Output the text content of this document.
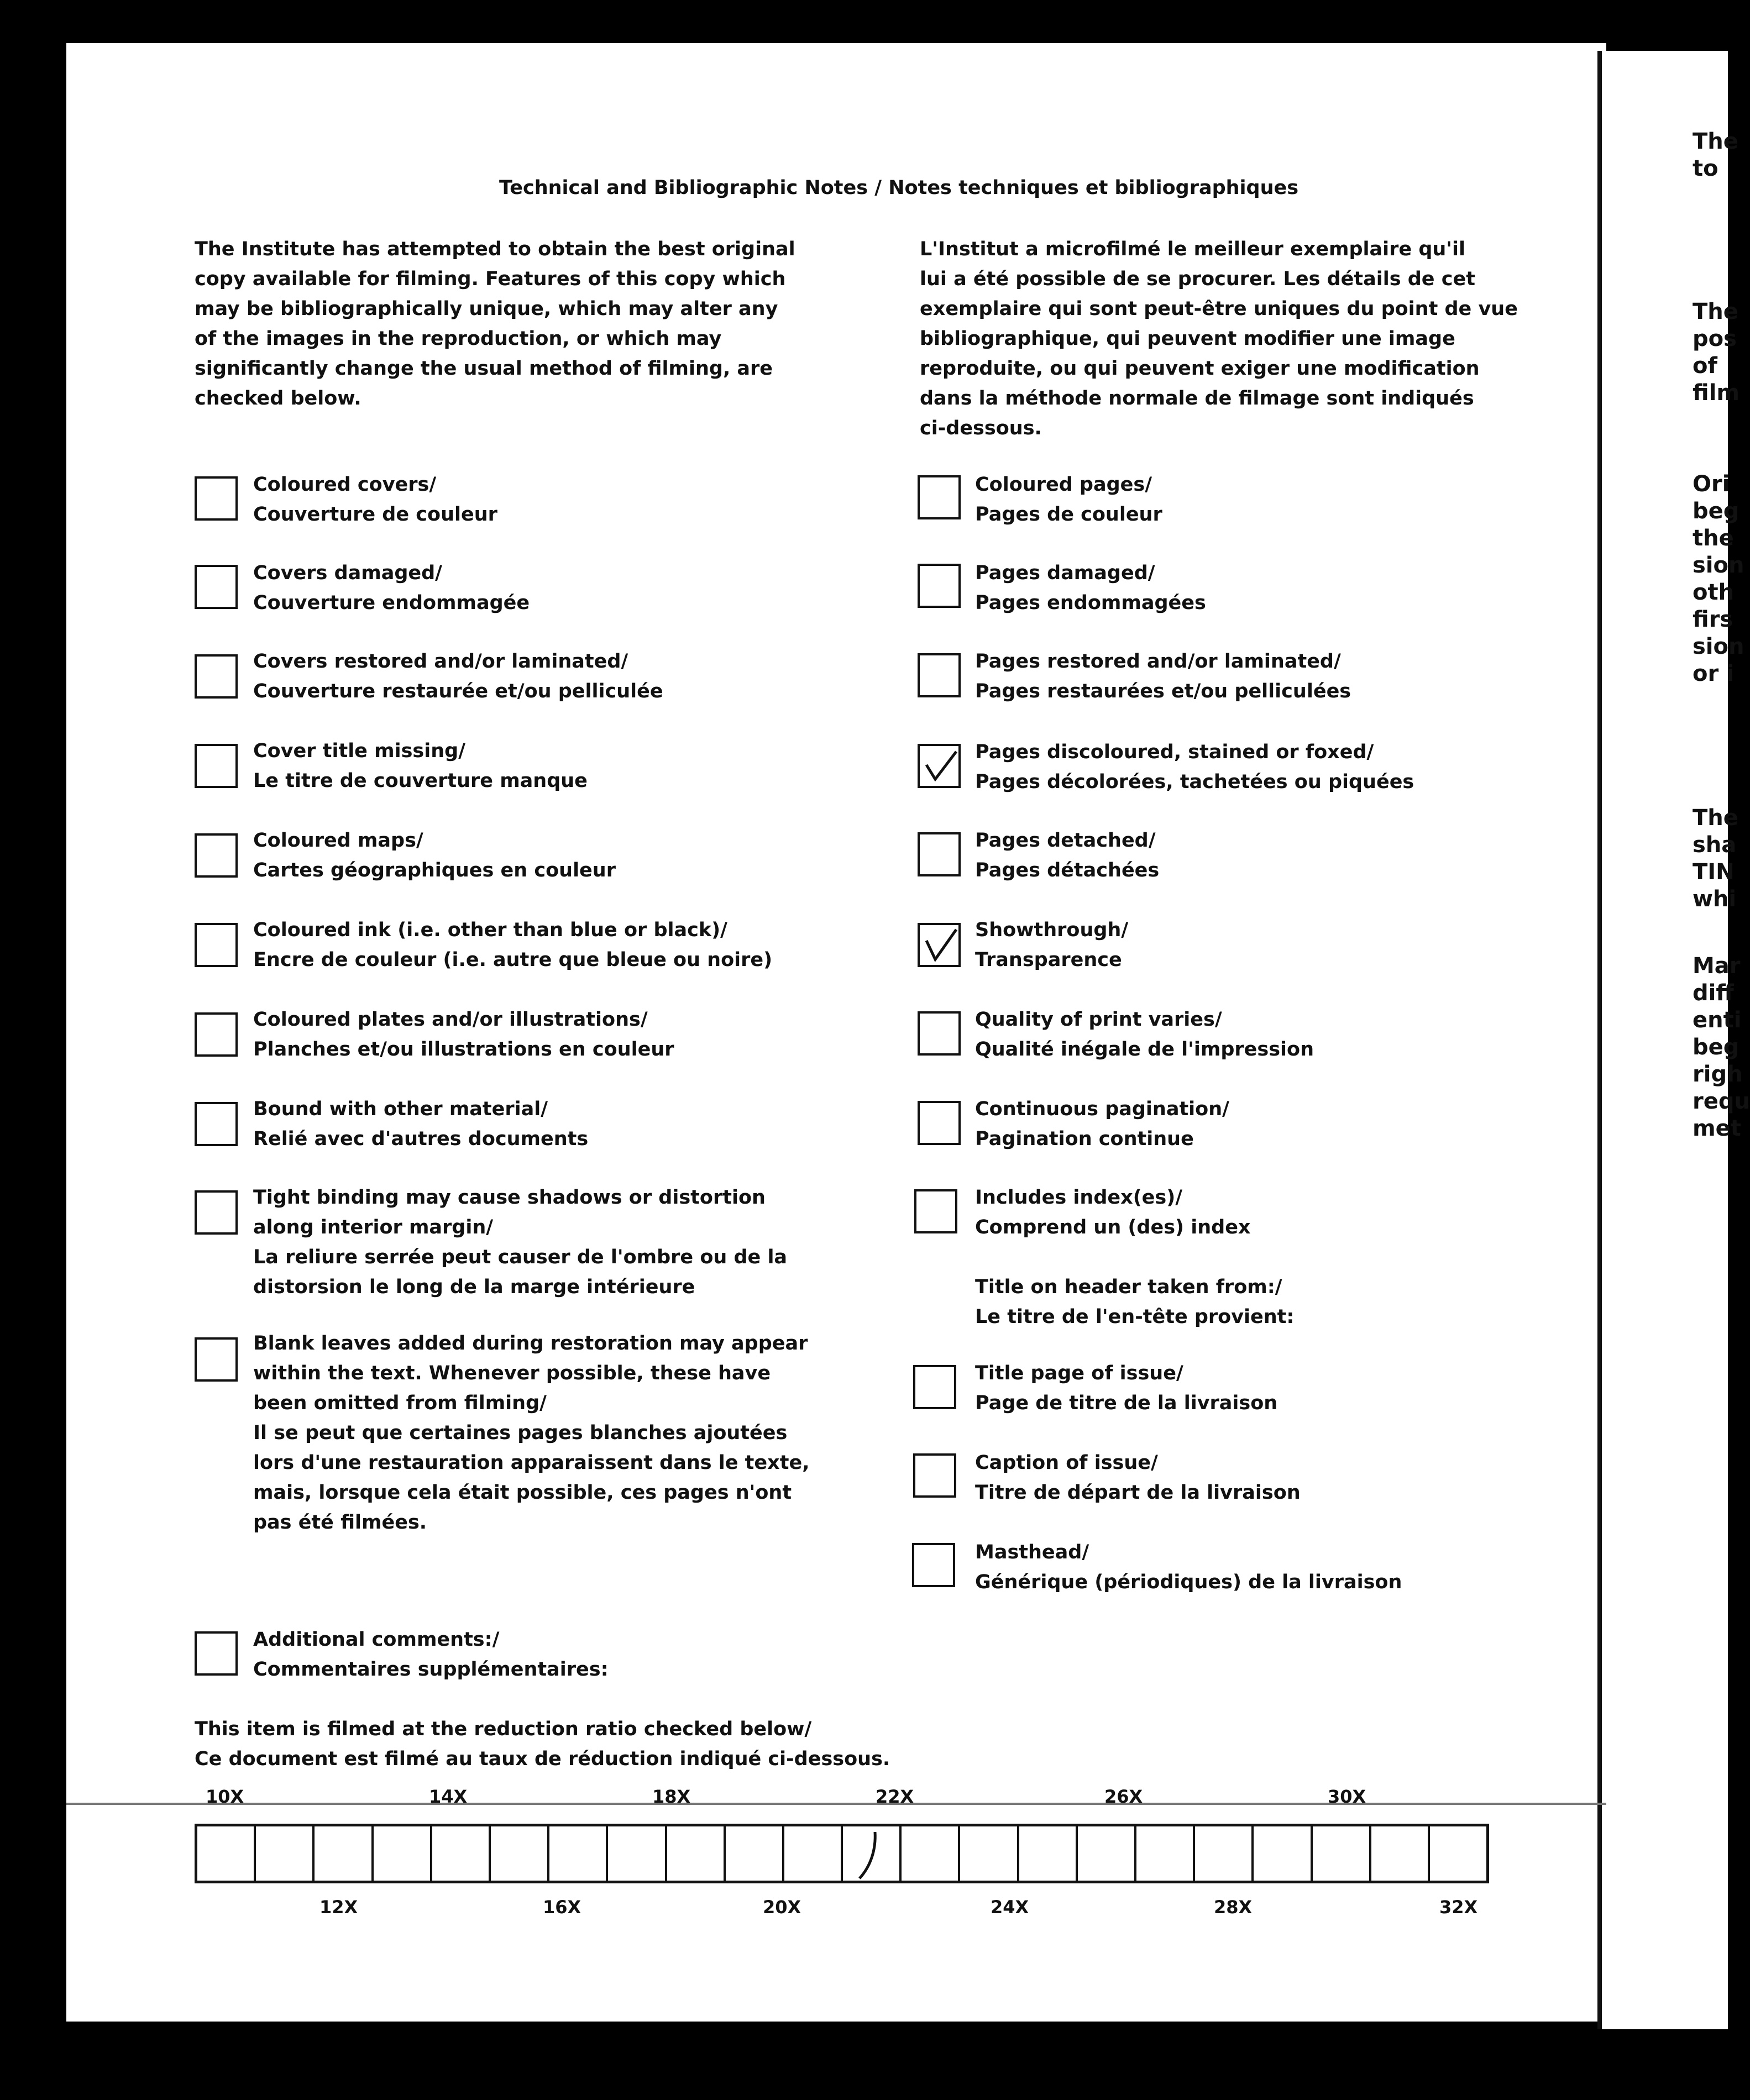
Technical and Bibliographic Notes / Notes techniques et bibliographiques
The Institute has attempted to obtain the best original
copy available for filming. Features of this copy which
may be bibliographically unique, which may alter any
of the images in the reproduction, or which may
significantly change the usual method of filming, are
checked below.
L'Institut a microfilmé le meilleur exemplaire qu'il
lui a été possible de se procurer. Les détails de cet
exemplaire qui sont peut-être uniques du point de vue
bibliographique, qui peuvent modifier une image
reproduite, ou qui peuvent exiger une modification
dans la méthode normale de filmage sont indiqués
ci-dessous.
Coloured covers/
Couverture de couleur
Covers damaged/
Couverture endommagée
Covers restored and/or laminated/
Couverture restaurée et/ou pelliculée
Cover title missing/
Le titre de couverture manque
Coloured maps/
Cartes géographiques en couleur
Coloured ink (i.e. other than blue or black)/
Encre de couleur (i.e. autre que bleue ou noire)
Coloured plates and/or illustrations/
Planches et/ou illustrations en couleur
Bound with other material/
Relié avec d'autres documents
Tight binding may cause shadows or distortion
along interior margin/
La reliure serrée peut causer de l'ombre ou de la
distorsion le long de la marge intérieure
Blank leaves added during restoration may appear
within the text. Whenever possible, these have
been omitted from filming/
Il se peut que certaines pages blanches ajoutées
lors d'une restauration apparaissent dans le texte,
mais, lorsque cela était possible, ces pages n'ont
pas été filmées.
Additional comments:/
Commentaires supplémentaires:
Coloured pages/
Pages de couleur
Pages damaged/
Pages endommagées
Pages restored and/or laminated/
Pages restaurées et/ou pelliculées
Pages discoloured, stained or foxed/
Pages décolorées, tachetées ou piquées
Pages detached/
Pages détachées
Showthrough/
Transparence
Quality of print varies/
Qualité inégale de l'impression
Continuous pagination/
Pagination continue
Includes index(es)/
Comprend un (des) index
Title on header taken from:/
Le titre de l'en-tête provient:
Title page of issue/
Page de titre de la livraison
Caption of issue/
Titre de départ de la livraison
Masthead/
Générique (périodiques) de la livraison
This item is filmed at the reduction ratio checked below/
Ce document est filmé au taux de réduction indiqué ci-dessous.
10X	14X	18X	22X	26X	30X
12X	16X	20X	24X	28X	32X
The
to
The
pos
of
film
Ori
beg
the
sion
oth
firs
sion
or i
The
sha
TIN
whi
Mar
diff
enti
beg
righ
requ
met
